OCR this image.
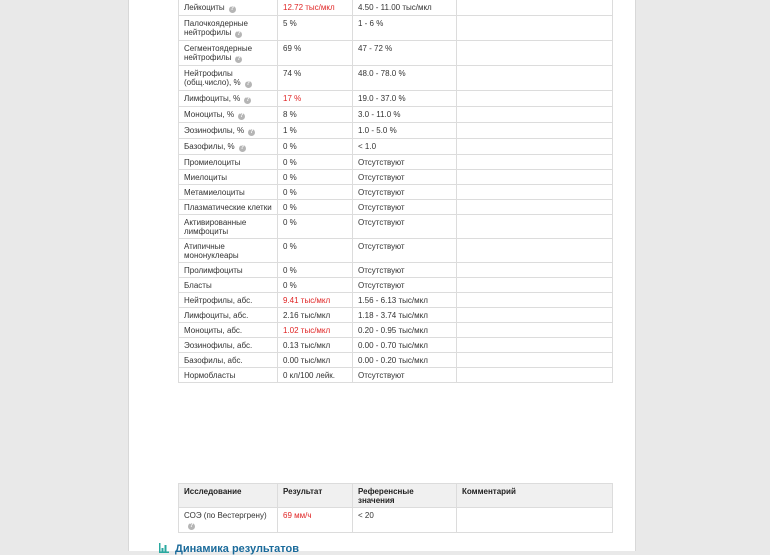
Лейкоциты ?	12.72 тыс/мкл	4.50 - 11.00 тыс/мкл	
Палочкоядерные нейтрофилы ?	5 %	1 - 6 %	
Сегментоядерные нейтрофилы ?	69 %	47 - 72 %	
Нейтрофилы (общ.число), % ?	74 %	48.0 - 78.0 %	
Лимфоциты, % ?	17 %	19.0 - 37.0 %	
Моноциты, % ?	8 %	3.0 - 11.0 %	
Эозинофилы, % ?	1 %	1.0 - 5.0 %	
Базофилы, % ?	0 %	< 1.0	
Промиелоциты	0 %	Отсутствуют	
Миелоциты	0 %	Отсутствуют	
Метамиелоциты	0 %	Отсутствуют	
Плазматические клетки	0 %	Отсутствуют	
Активированные лимфоциты	0 %	Отсутствуют	
Атипичные мононуклеары	0 %	Отсутствуют	
Пролимфоциты	0 %	Отсутствуют	
Бласты	0 %	Отсутствуют	
Нейтрофилы, абс.	9.41 тыс/мкл	1.56 - 6.13 тыс/мкл	
Лимфоциты, абс.	2.16 тыс/мкл	1.18 - 3.74 тыс/мкл	
Моноциты, абс.	1.02 тыс/мкл	0.20 - 0.95 тыс/мкл	
Эозинофилы, абс.	0.13 тыс/мкл	0.00 - 0.70 тыс/мкл	
Базофилы, абс.	0.00 тыс/мкл	0.00 - 0.20 тыс/мкл	
Нормобласты	0 кл/100 лейк.	Отсутствуют	
Исследование	Результат	Референсные значения	Комментарий
СОЭ (по Вестергрену)?	69 мм/ч	< 20	
Динамика результатов
